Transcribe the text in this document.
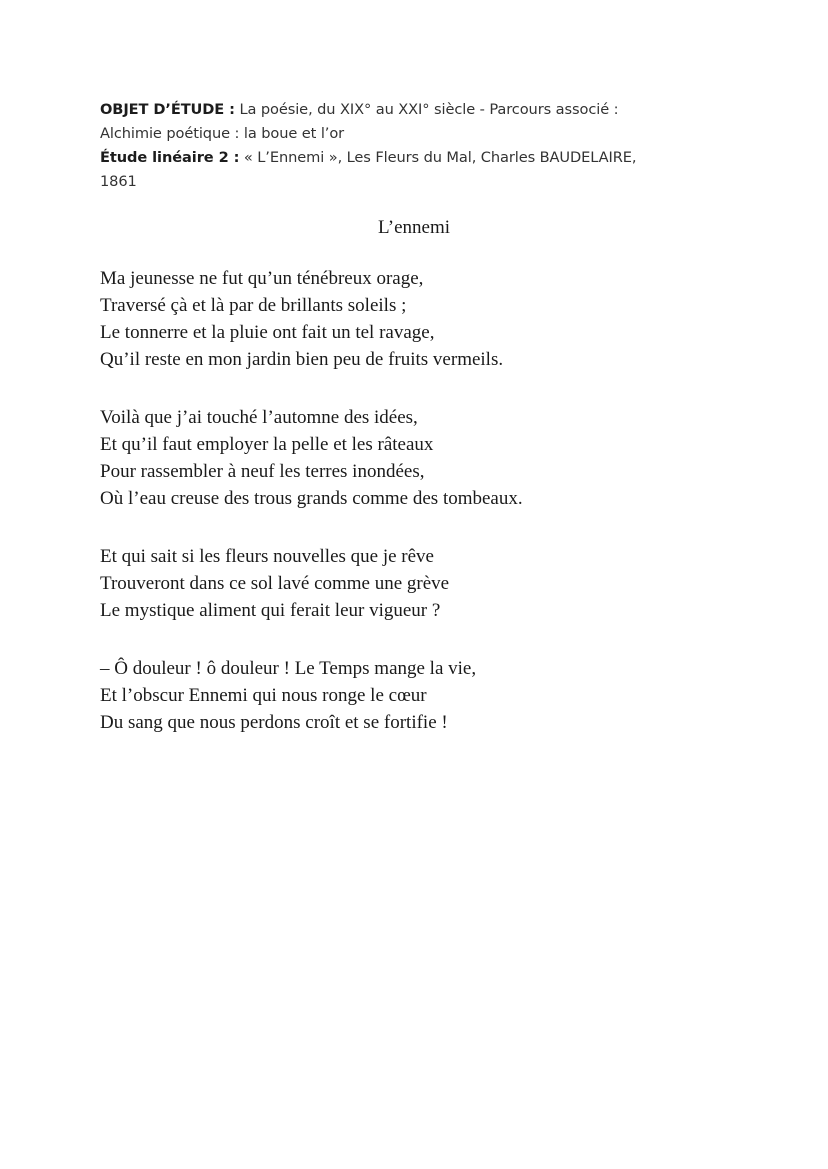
OBJET D’ÉTUDE : La poésie, du XIX° au XXI° siècle - Parcours associé :
Alchimie poétique : la boue et l’or
Étude linéaire 2 : « L’Ennemi », Les Fleurs du Mal, Charles BAUDELAIRE,
1861
L’ennemi
Ma jeunesse ne fut qu’un ténébreux orage,
Traversé çà et là par de brillants soleils ;
Le tonnerre et la pluie ont fait un tel ravage,
Qu’il reste en mon jardin bien peu de fruits vermeils.
Voilà que j’ai touché l’automne des idées,
Et qu’il faut employer la pelle et les râteaux
Pour rassembler à neuf les terres inondées,
Où l’eau creuse des trous grands comme des tombeaux.
Et qui sait si les fleurs nouvelles que je rêve
Trouveront dans ce sol lavé comme une grève
Le mystique aliment qui ferait leur vigueur ?
– Ô douleur ! ô douleur ! Le Temps mange la vie,
Et l’obscur Ennemi qui nous ronge le cœur
Du sang que nous perdons croît et se fortifie !
